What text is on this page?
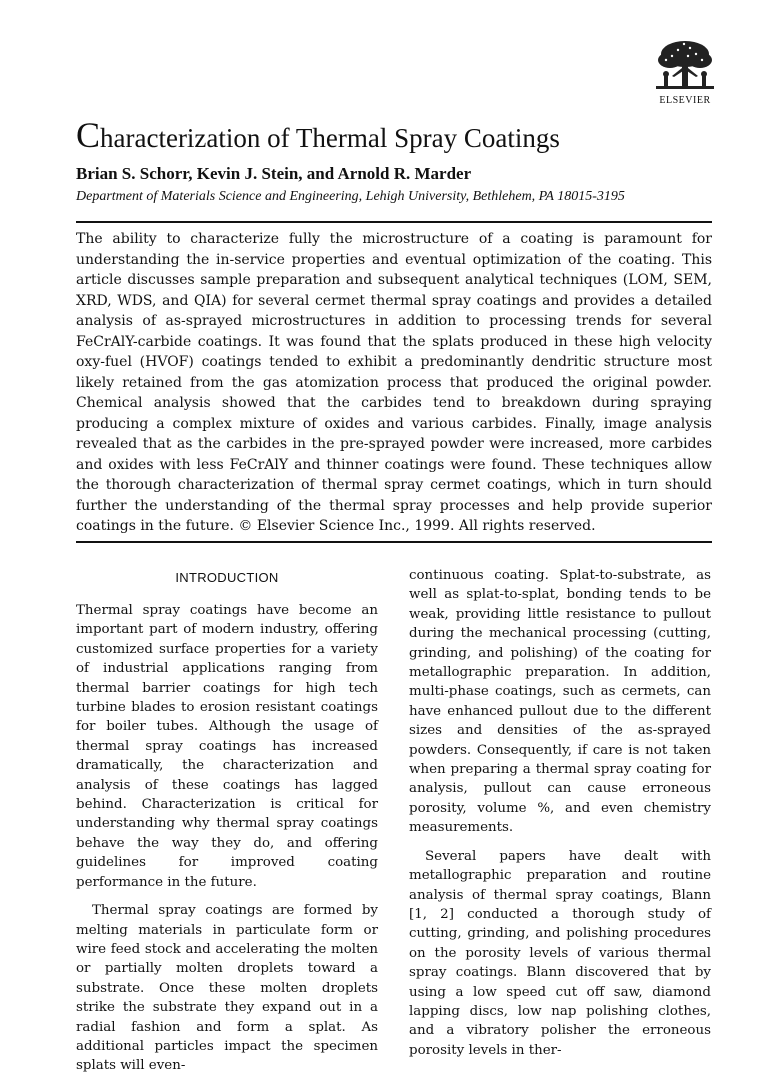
ELSEVIER
Characterization of Thermal Spray Coatings
Brian S. Schorr, Kevin J. Stein, and Arnold R. Marder
Department of Materials Science and Engineering, Lehigh University, Bethlehem, PA 18015-3195

The ability to characterize fully the microstructure of a coating is paramount for understanding the in-service properties and eventual optimization of the coating. This article discusses sample preparation and subsequent analytical techniques (LOM, SEM, XRD, WDS, and QIA) for several cermet thermal spray coatings and provides a detailed analysis of as-sprayed microstructures in addition to processing trends for several FeCrAlY-carbide coatings. It was found that the splats produced in these high velocity oxy-fuel (HVOF) coatings tended to exhibit a predominantly dendritic structure most likely retained from the gas atomization process that produced the original powder. Chemical analysis showed that the carbides tend to breakdown during spraying producing a complex mixture of oxides and various carbides. Finally, image analysis revealed that as the carbides in the pre-sprayed powder were increased, more carbides and oxides with less FeCrAlY and thinner coatings were found. These techniques allow the thorough characterization of thermal spray cermet coatings, which in turn should further the understanding of the thermal spray processes and help provide superior coatings in the future. © Elsevier Science Inc., 1999. All rights reserved.

INTRODUCTION

Thermal spray coatings have become an important part of modern industry, offering customized surface properties for a variety of industrial applications ranging from thermal barrier coatings for high tech turbine blades to erosion resistant coatings for boiler tubes. Although the usage of thermal spray coatings has increased dramatically, the characterization and analysis of these coatings has lagged behind. Characterization is critical for understanding why thermal spray coatings behave the way they do, and offering guidelines for improved coating performance in the future.

Thermal spray coatings are formed by melting materials in particulate form or wire feed stock and accelerating the molten or partially molten droplets toward a substrate. Once these molten droplets strike the substrate they expand out in a radial fashion and form a splat. As additional particles impact the specimen splats will even-

continuous coating. Splat-to-substrate, as well as splat-to-splat, bonding tends to be weak, providing little resistance to pullout during the mechanical processing (cutting, grinding, and polishing) of the coating for metallographic preparation. In addition, multi-phase coatings, such as cermets, can have enhanced pullout due to the different sizes and densities of the as-sprayed powders. Consequently, if care is not taken when preparing a thermal spray coating for analysis, pullout can cause erroneous porosity, volume %, and even chemistry measurements.

Several papers have dealt with metallographic preparation and routine analysis of thermal spray coatings, Blann [1, 2] conducted a thorough study of cutting, grinding, and polishing procedures on the porosity levels of various thermal spray coatings. Blann discovered that by using a low speed cut off saw, diamond lapping discs, low nap polishing clothes, and a vibratory polisher the erroneous porosity levels in ther-
